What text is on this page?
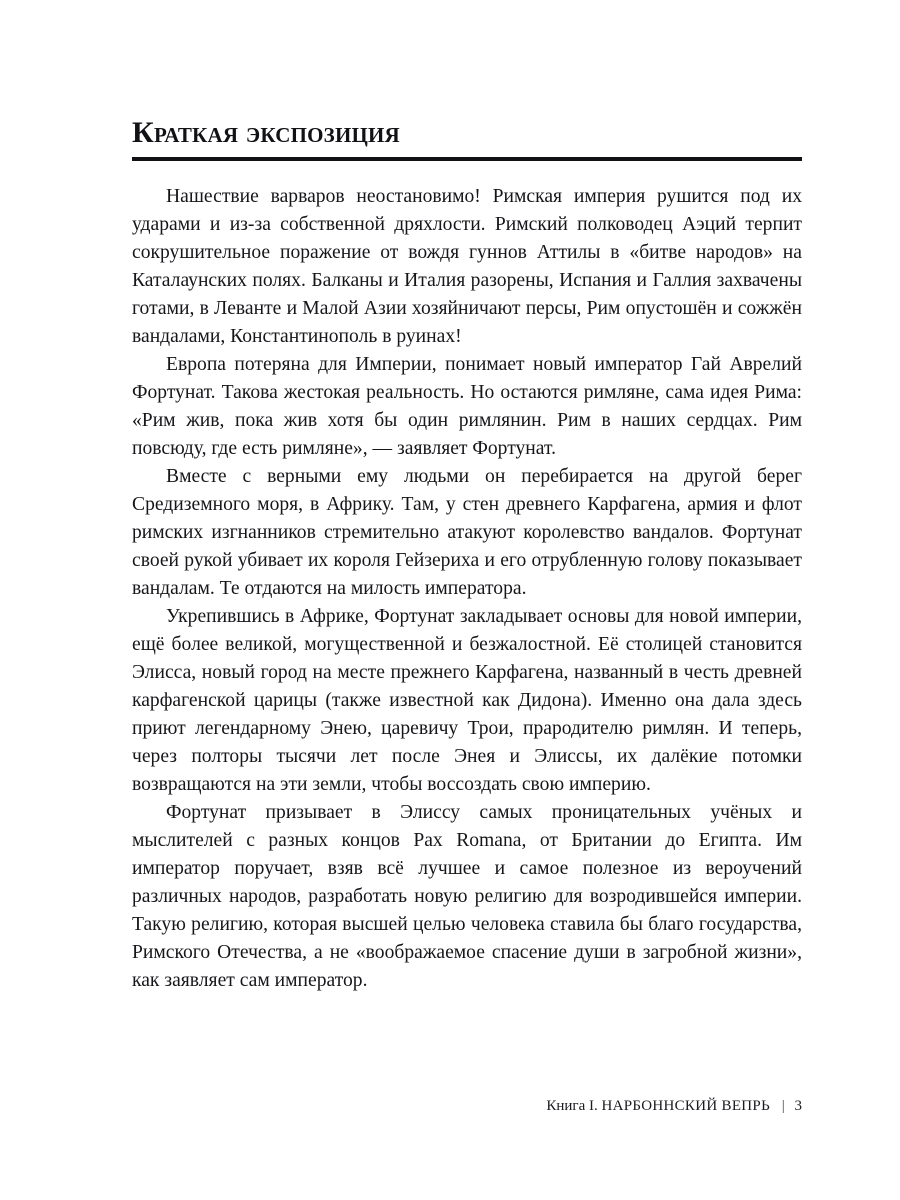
Краткая экспозиция

Нашествие варваров неостановимо! Римская империя рушится под их ударами и из-за собственной дряхлости. Римский полководец Аэций терпит сокрушительное поражение от вождя гуннов Аттилы в «битве народов» на Каталаунских полях. Балканы и Италия разорены, Испания и Галлия захвачены готами, в Леванте и Малой Азии хозяйничают персы, Рим опустошён и сожжён вандалами, Константинополь в руинах!

Европа потеряна для Империи, понимает новый император Гай Аврелий Фортунат. Такова жестокая реальность. Но остаются римляне, сама идея Рима: «Рим жив, пока жив хотя бы один римлянин. Рим в наших сердцах. Рим повсюду, где есть римляне», — заявляет Фортунат.

Вместе с верными ему людьми он перебирается на другой берег Средиземного моря, в Африку. Там, у стен древнего Карфагена, армия и флот римских изгнанников стремительно атакуют королевство вандалов. Фортунат своей рукой убивает их короля Гейзериха и его отрубленную голову показывает вандалам. Те отдаются на милость императора.

Укрепившись в Африке, Фортунат закладывает основы для новой империи, ещё более великой, могущественной и безжалостной. Её столицей становится Элисса, новый город на месте прежнего Карфагена, названный в честь древней карфагенской царицы (также известной как Дидона). Именно она дала здесь приют легендарному Энею, царевичу Трои, прародителю римлян. И теперь, через полторы тысячи лет после Энея и Элиссы, их далёкие потомки возвращаются на эти земли, чтобы воссоздать свою империю.

Фортунат призывает в Элиссу самых проницательных учёных и мыслителей с разных концов Pax Romana, от Британии до Египта. Им император поручает, взяв всё лучшее и самое полезное из вероучений различных народов, разработать новую религию для возродившейся империи. Такую религию, которая высшей целью человека ставила бы благо государства, Римского Отечества, а не «воображаемое спасение души в загробной жизни», как заявляет сам император.

Книга I. НАРБОННСКИЙ ВЕПРЬ | 3
